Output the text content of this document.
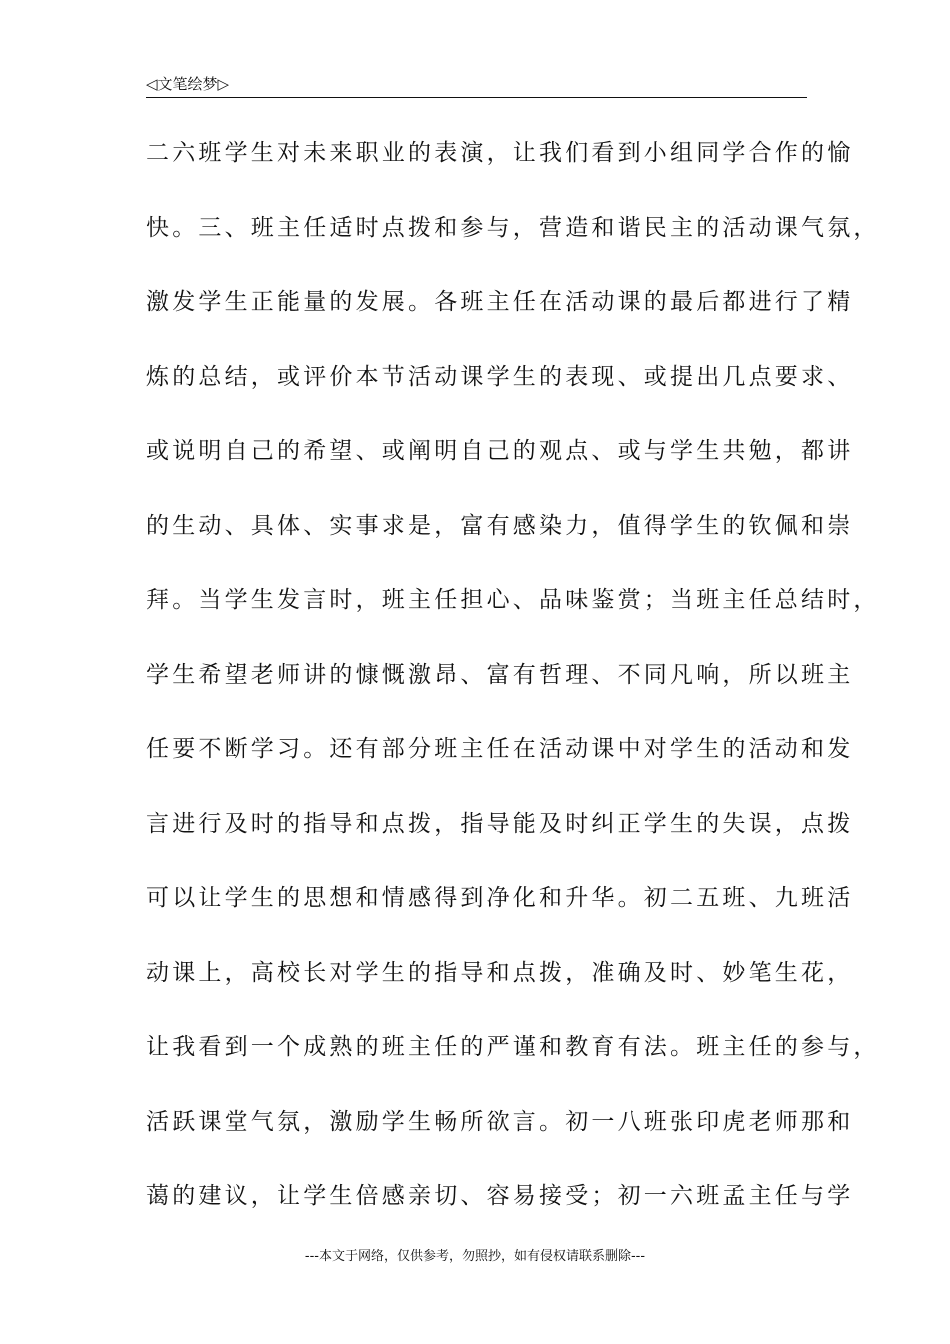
◁文笔绘梦▷
二六班学生对未来职业的表演，让我们看到小组同学合作的愉
快。三、班主任适时点拨和参与，营造和谐民主的活动课气氛，
激发学生正能量的发展。各班主任在活动课的最后都进行了精
炼的总结，或评价本节活动课学生的表现、或提出几点要求、
或说明自己的希望、或阐明自己的观点、或与学生共勉，都讲
的生动、具体、实事求是，富有感染力，值得学生的钦佩和崇
拜。当学生发言时，班主任担心、品味鉴赏；当班主任总结时，
学生希望老师讲的慷慨激昂、富有哲理、不同凡响，所以班主
任要不断学习。还有部分班主任在活动课中对学生的活动和发
言进行及时的指导和点拨，指导能及时纠正学生的失误，点拨
可以让学生的思想和情感得到净化和升华。初二五班、九班活
动课上，高校长对学生的指导和点拨，准确及时、妙笔生花，
让我看到一个成熟的班主任的严谨和教育有法。班主任的参与，
活跃课堂气氛，激励学生畅所欲言。初一八班张印虎老师那和
蔼的建议，让学生倍感亲切、容易接受；初一六班孟主任与学
---本文于网络，仅供参考，勿照抄，如有侵权请联系删除---
